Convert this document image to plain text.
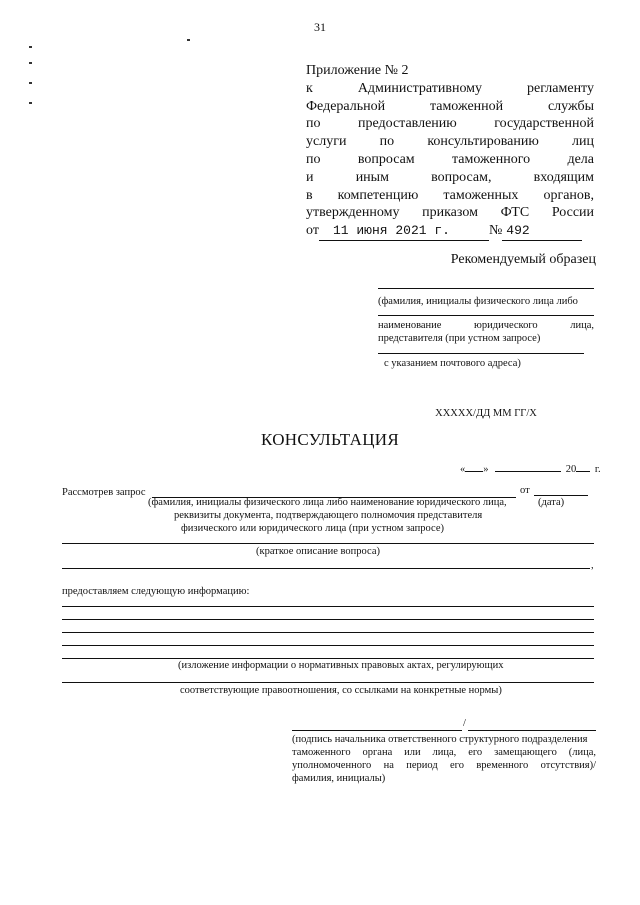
31
Приложение № 2
к	Административному	регламенту
Федеральной	таможенной	службы
по	предоставлению	государственной
услуги по консультированию лиц
по	вопросам	таможенного	дела
и	иным	вопросам,	входящим
в компетенцию таможенных органов,
утвержденному приказом ФТС России
от	11 июня 2021 г.	№ 492
Рекомендуемый образец
(фамилия, инициалы физического лица либо
наименование	юридического	лица,
представителя (при устном запросе)
с указанием почтового адреса)
ХХХХХ/ДД ММ ГГ/Х
КОНСУЛЬТАЦИЯ
« »	20 г.
Рассмотрев запрос	от
(фамилия, инициалы физического лица либо наименование юридического лица,	(дата)
реквизиты документа, подтверждающего полномочия представителя
физического или юридического лица (при устном запросе)
(краткое описание вопроса)
,
предоставляем следующую информацию:
(изложение информации о нормативных правовых актах, регулирующих
соответствующие правоотношения, со ссылками на конкретные нормы)
/
(подпись начальника ответственного структурного подразделения
таможенного органа или лица, его замещающего (лица,
уполномоченного на период его временного отсутствия)/
фамилия, инициалы)
